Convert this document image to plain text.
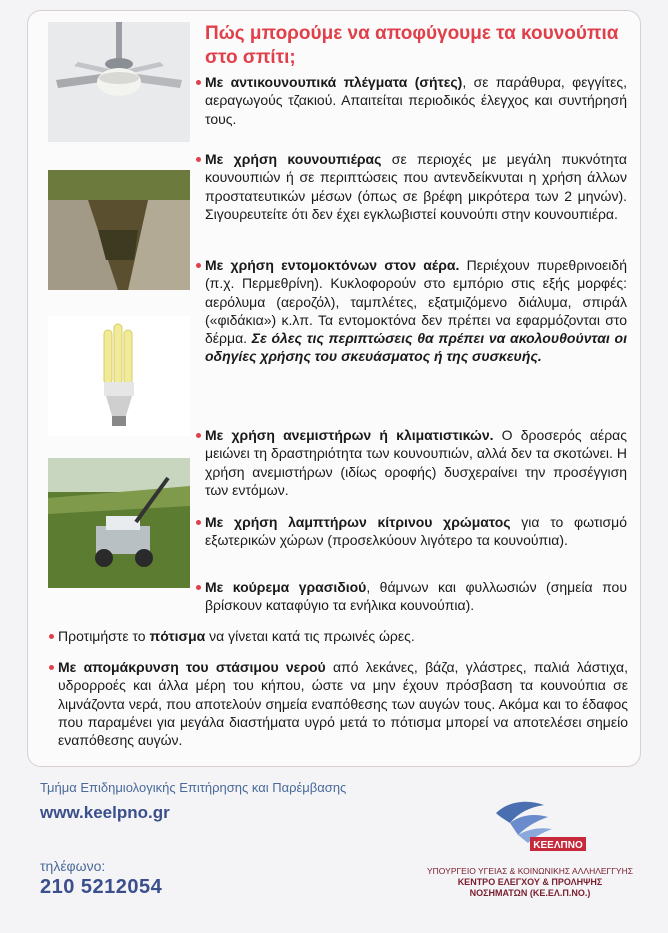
Πώς μπορούμε να αποφύγουμε τα κουνούπια στο σπίτι;

Με αντικουνουπικά πλέγματα (σήτες), σε παράθυρα, φεγγίτες, αεραγωγούς τζακιού. Απαιτείται περιοδικός έλεγχος και συντήρησή τους.

Με χρήση κουνουπιέρας σε περιοχές με μεγάλη πυκνότητα κουνουπιών ή σε περιπτώσεις που αντενδείκνυται η χρήση άλλων προστατευτικών μέσων (όπως σε βρέφη μικρότερα των 2 μηνών). Σιγουρευτείτε ότι δεν έχει εγκλωβιστεί κουνούπι στην κουνουπιέρα.

Με χρήση εντομοκτόνων στον αέρα. Περιέχουν πυρεθρινοειδή (π.χ. Περμεθρίνη). Κυκλοφορούν στο εμπόριο στις εξής μορφές: αερόλυμα (αεροζόλ), ταμπλέτες, εξατμιζόμενο διάλυμα, σπιράλ («φιδάκια») κ.λπ. Τα εντομοκτόνα δεν πρέπει να εφαρμόζονται στο δέρμα. Σε όλες τις περιπτώσεις θα πρέπει να ακολουθούνται οι οδηγίες χρήσης του σκευάσματος ή της συσκευής.

Με χρήση ανεμιστήρων ή κλιματιστικών. Ο δροσερός αέρας μειώνει τη δραστηριότητα των κουνουπιών, αλλά δεν τα σκοτώνει. Η χρήση ανεμιστήρων (ιδίως οροφής) δυσχεραίνει την προσέγγιση των εντόμων.

Με χρήση λαμπτήρων κίτρινου χρώματος για το φωτισμό εξωτερικών χώρων (προσελκύουν λιγότερο τα κουνούπια).

Με κούρεμα γρασιδιού, θάμνων και φυλλωσιών (σημεία που βρίσκουν καταφύγιο τα ενήλικα κουνούπια).

Προτιμήστε το πότισμα να γίνεται κατά τις πρωινές ώρες.

Με απομάκρυνση του στάσιμου νερού από λεκάνες, βάζα, γλάστρες, παλιά λάστιχα, υδρορροές και άλλα μέρη του κήπου, ώστε να μην έχουν πρόσβαση τα κουνούπια σε λιμνάζοντα νερά, που αποτελούν σημεία εναπόθεσης των αυγών τους. Ακόμα και το έδαφος που παραμένει για μεγάλα διαστήματα υγρό μετά το πότισμα μπορεί να αποτελέσει σημείο εναπόθεσης αυγών.

Τμήμα Επιδημιολογικής Επιτήρησης και Παρέμβασης

www.keelpno.gr

τηλέφωνο:

210 5212054

ΚΕΕΛΠΝΟ

ΥΠΟΥΡΓΕΙΟ ΥΓΕΙΑΣ & ΚΟΙΝΩΝΙΚΗΣ ΑΛΛΗΛΕΓΓΥΗΣ
ΚΕΝΤΡΟ ΕΛΕΓΧΟΥ & ΠΡΟΛΗΨΗΣ
ΝΟΣΗΜΑΤΩΝ (ΚΕ.ΕΛ.Π.ΝΟ.)
